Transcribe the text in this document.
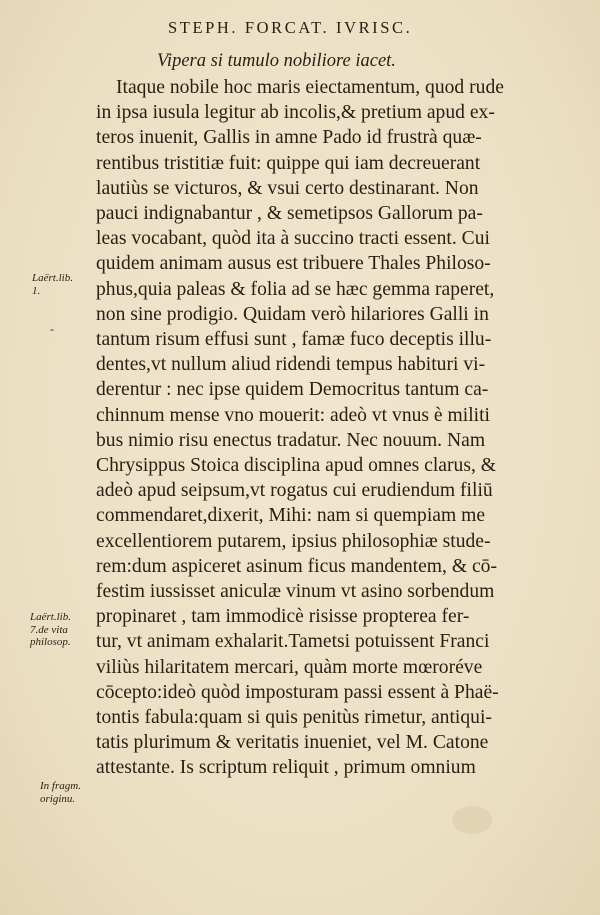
STEPH. FORCAT. IVRISC.
Vipera si tumulo nobiliore iacet.
Laërt.lib.
1.
-
Laërt.lib.
7.de vita
philosop.
In fragm.
originu.
Itaque nobile hoc maris eiectamentum, quod rude
in ipsa iusula legitur ab incolis,& pretium apud ex-
teros inuenit, Gallis in amne Pado id frustrà quæ-
rentibus tristitiæ fuit: quippe qui iam decreuerant
lautiùs se victuros, & vsui certo destinarant. Non
pauci indignabantur , & semetipsos Gallorum pa-
leas vocabant, quòd ita à succino tracti essent. Cui
quidem animam ausus est tribuere Thales Philoso-
phus,quia paleas & folia ad se hæc gemma raperet,
non sine prodigio. Quidam verò hilariores Galli in
tantum risum effusi sunt , famæ fuco deceptis illu-
dentes,vt nullum aliud ridendi tempus habituri vi-
derentur : nec ipse quidem Democritus tantum ca-
chinnum mense vno mouerit: adeò vt vnus è militi
bus nimio risu enectus tradatur. Nec nouum. Nam
Chrysippus Stoica disciplina apud omnes clarus, &
adeò apud seipsum,vt rogatus cui erudiendum filiū
commendaret,dixerit, Mihi: nam si quempiam me
excellentiorem putarem, ipsius philosophiæ stude-
rem:dum aspiceret asinum ficus mandentem, & cō-
festim iussisset aniculæ vinum vt asino sorbendum
propinaret , tam immodicè risisse propterea fer-
tur, vt animam exhalarit.Tametsi potuissent Franci
viliùs hilaritatem mercari, quàm morte mœroréve
cōcepto:ideò quòd imposturam passi essent à Phaë-
tontis fabula:quam si quis penitùs rimetur, antiqui-
tatis plurimum & veritatis inueniet, vel M. Catone
attestante. Is scriptum reliquit , primum omnium
